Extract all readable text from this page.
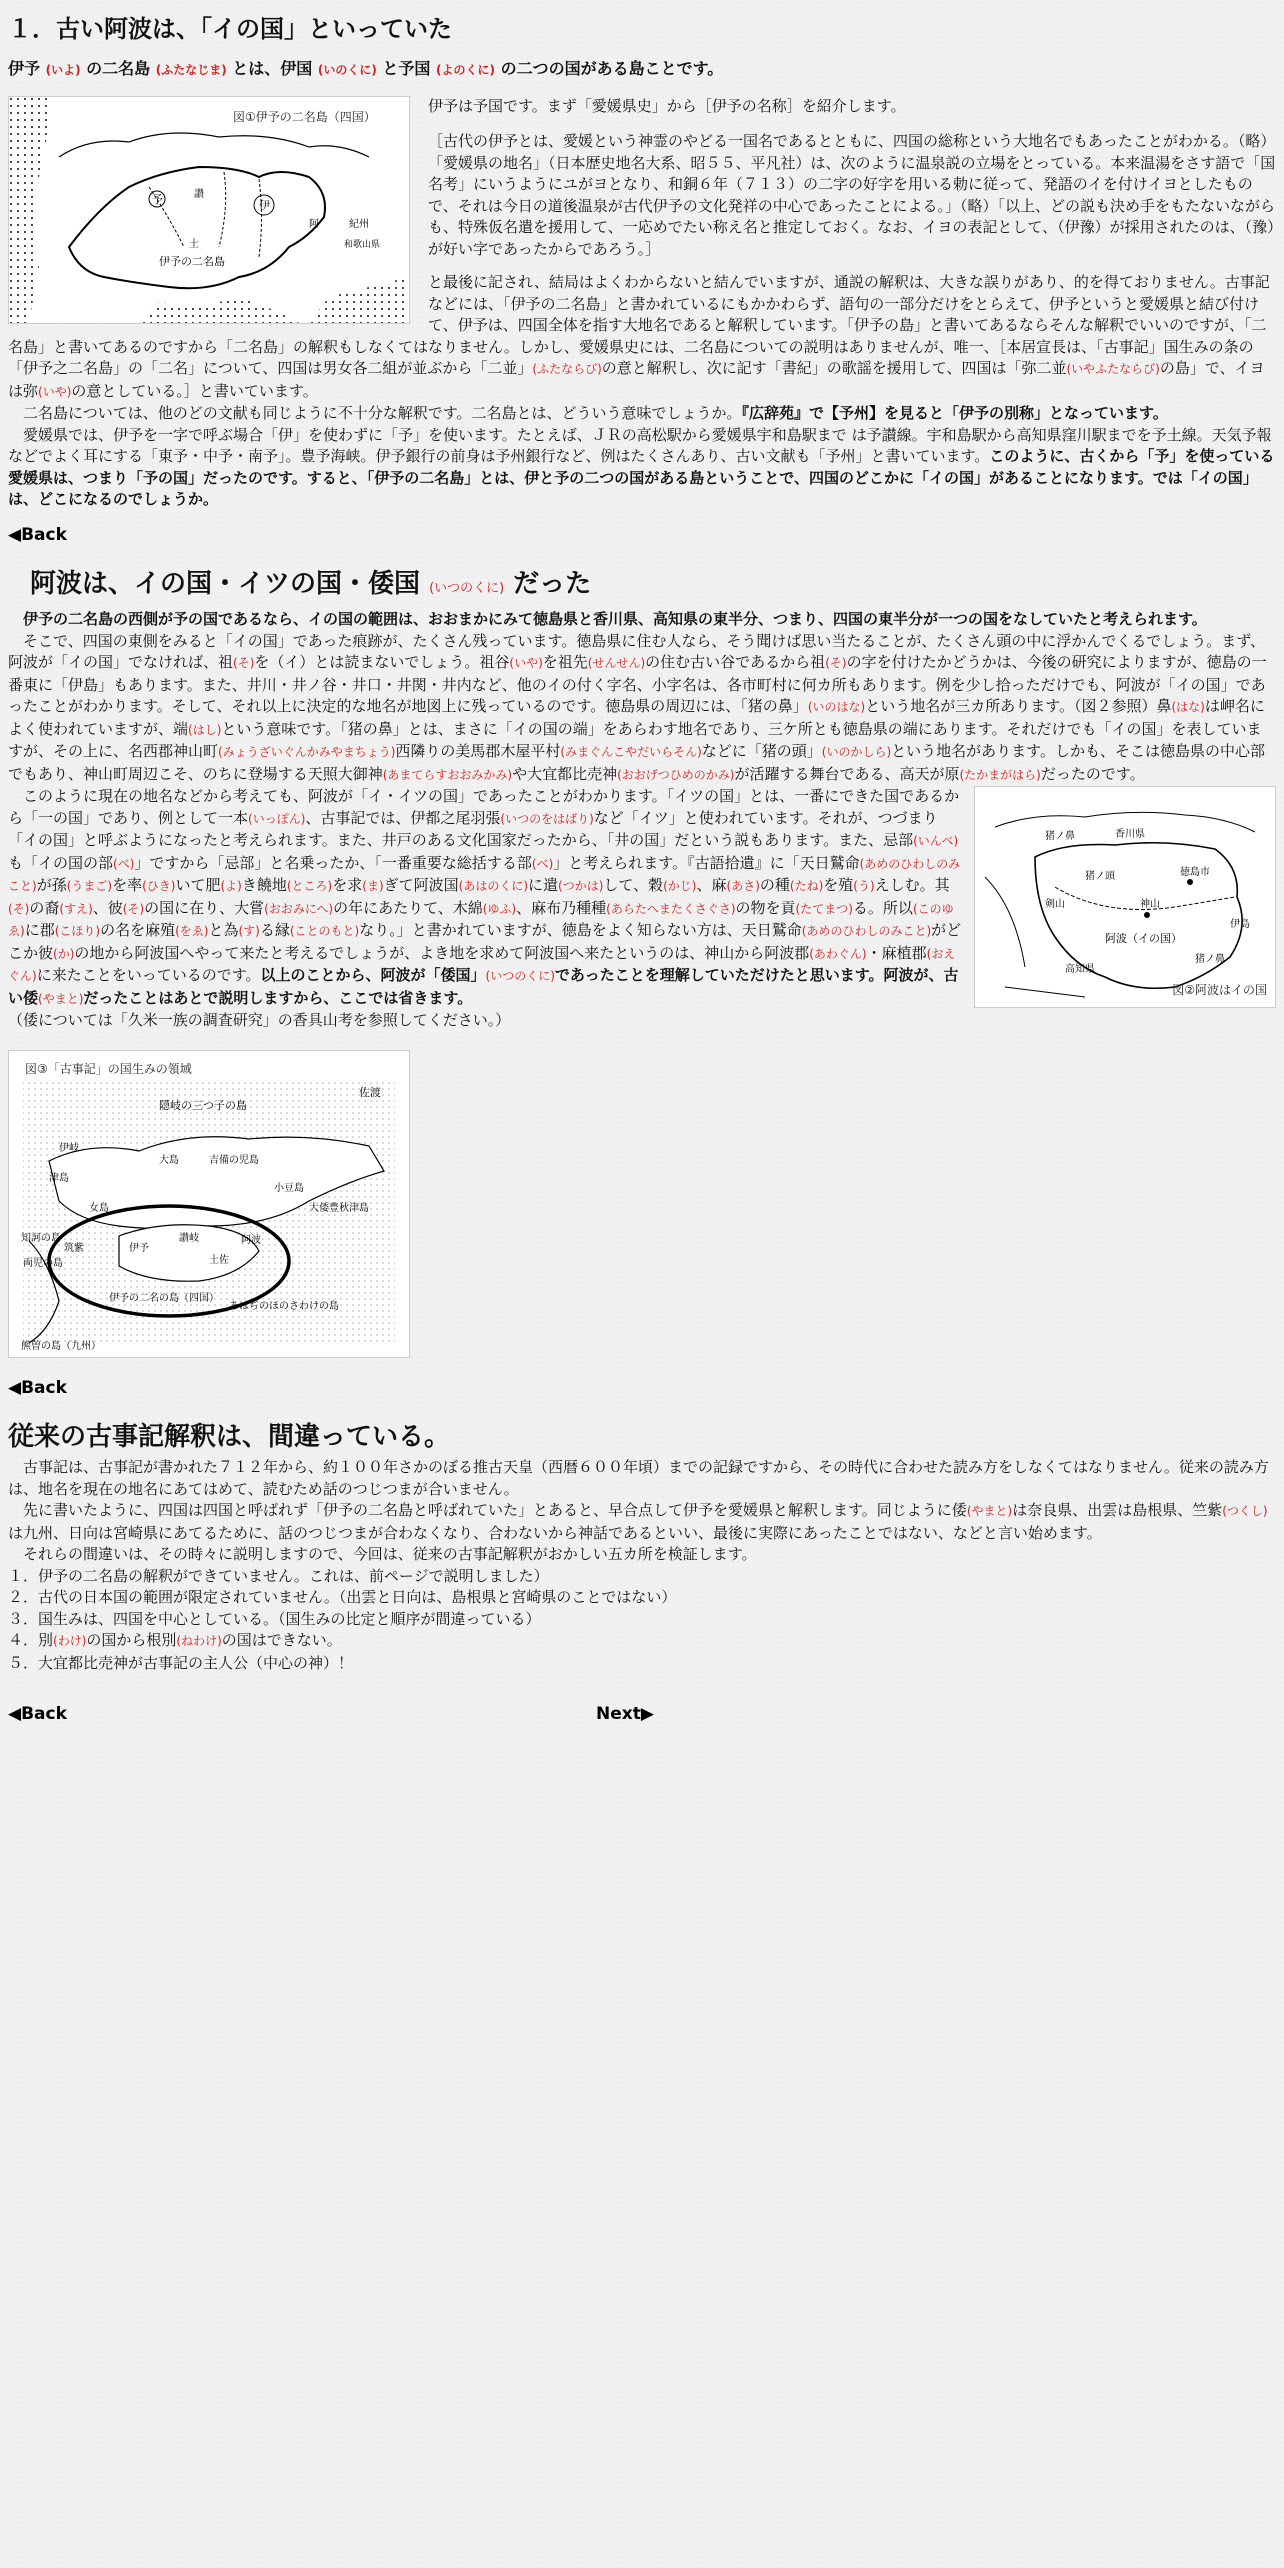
１．古い阿波は、「イの国」といっていた
伊予 (いよ) の二名島 (ふたなじま) とは、伊国 (いのくに) と予国 (よのくに) の二つの国がある島ことです。
伊
予	讃
阿
土
紀州
和歌山県
伊予の二名島
図①伊予の二名島（四国）

伊予は予国です。まず「愛媛県史」から［伊予の名称］を紹介します。

［古代の伊予とは、愛媛という神霊のやどる一国名であるとともに、四国の総称という大地名でもあったことがわかる。（略）「愛媛県の地名」（日本歴史地名大系、昭５５、平凡社）は、次のように温泉説の立場をとっている。本来温湯をさす語で「国名考」にいうようにユがヨとなり、和銅６年（７１３）の二字の好字を用いる勅に従って、発語のイを付けイヨとしたもので、それは今日の道後温泉が古代伊予の文化発祥の中心であったことによる。」（略）「以上、どの説も決め手をもたないながらも、特殊仮名遣を援用して、一応めでたい称え名と推定しておく。なお、イヨの表記として、（伊豫）が採用されたのは、（豫）が好い字であったからであろう。］

と最後に記され、結局はよくわからないと結んでいますが、通説の解釈は、大きな誤りがあり、的を得ておりません。古事記などには、「伊予の二名島」と書かれているにもかかわらず、語句の一部分だけをとらえて、伊予というと愛媛県と結び付けて、伊予は、四国全体を指す大地名であると解釈しています。「伊予の島」と書いてあるならそんな解釈でいいのですが、「二名島」と書いてあるのですから「二名島」の解釈もしなくてはなりません。しかし、愛媛県史には、二名島についての説明はありませんが、唯一、［本居宣長は、「古事記」国生みの条の「伊予之二名島」の「二名」について、四国は男女各二組が並ぶから「二並」(ふたならび)の意と解釈し、次に記す「書紀」の歌謡を援用して、四国は「弥二並(いやふたならび)の島」で、イヨは弥(いや)の意としている。］と書いています。

二名島については、他のどの文献も同じように不十分な解釈です。二名島とは、どういう意味でしょうか。『広辞苑』で【予州】を見ると「伊予の別称」となっています。

愛媛県では、伊予を一字で呼ぶ場合「伊」を使わずに「予」を使います。たとえば、ＪＲの高松駅から愛媛県宇和島駅まで は予讃線。宇和島駅から高知県窪川駅までを予土線。天気予報などでよく耳にする「東予・中予・南予」。豊予海峡。伊予銀行の前身は予州銀行など、例はたくさんあり、古い文献も「予州」と書いています。このように、古くから「予」を使っている愛媛県は、つまり「予の国」だったのです。すると、「伊予の二名島」とは、伊と予の二つの国がある島ということで、四国のどこかに「イの国」があることになります。では「イの国」は、どこになるのでしょうか。

◀Back
阿波は、イの国・イツの国・倭国 (いつのくに) だった

伊予の二名島の西側が予の国であるなら、イの国の範囲は、おおまかにみて徳島県と香川県、高知県の東半分、つまり、四国の東半分が一つの国をなしていたと考えられます。

そこで、四国の東側をみると「イの国」であった痕跡が、たくさん残っています。徳島県に住む人なら、そう聞けば思い当たることが、たくさん頭の中に浮かんでくるでしょう。まず、阿波が「イの国」でなければ、祖(そ)を（イ）とは読まないでしょう。祖谷(いや)を祖先(せんせん)の住む古い谷であるから祖(そ)の字を付けたかどうかは、今後の研究によりますが、徳島の一番東に「伊島」もあります。また、井川・井ノ谷・井口・井関・井内など、他のイの付く字名、小字名は、各市町村に何カ所もあります。例を少し拾っただけでも、阿波が「イの国」であったことがわかります。そして、それ以上に決定的な地名が地図上に残っているのです。徳島県の周辺には、「猪の鼻」(いのはな)という地名が三カ所あります。（図２参照）鼻(はな)は岬名によく使われていますが、端(はし)という意味です。「猪の鼻」とは、まさに「イの国の端」をあらわす地名であり、三ケ所とも徳島県の端にあります。それだけでも「イの国」を表していますが、その上に、名西郡神山町(みょうざいぐんかみやまちょう)西隣りの美馬郡木屋平村(みまぐんこやだいらそん)などに「猪の頭」(いのかしら)という地名があります。しかも、そこは徳島県の中心部でもあり、神山町周辺こそ、のちに登場する天照大御神(あまてらすおおみかみ)や大宜都比売神(おおげつひめのかみ)が活躍する舞台である、高天が原(たかまがはら)だったのです。

猪ノ鼻	香川県
徳島市
阿波（イの国）
高知県
猪ノ頭
猪ノ鼻
神山
伊島
剣山
図②阿波はイの国

このように現在の地名などから考えても、阿波が「イ・イツの国」であったことがわかります。「イツの国」とは、一番にできた国であるから「一の国」であり、例として一本(いっぽん)、古事記では、伊都之尾羽張(いつのをはばり)など「イツ」と使われています。それが、つづまり「イの国」と呼ぶようになったと考えられます。また、井戸のある文化国家だったから、「井の国」だという説もあります。また、忌部(いんべ)も「イの国の部(べ)」ですから「忌部」と名乗ったか、「一番重要な総括する部(べ)」と考えられます。『古語拾遺』に「天日鷲命(あめのひわしのみこと)が孫(うまご)を率(ひき)いて肥(よ)き饒地(ところ)を求(ま)ぎて阿波国(あはのくに)に遣(つかは)して、穀(かじ)、麻(あさ)の種(たね)を殖(う)えしむ。其(そ)の裔(すえ)、彼(そ)の国に在り、大嘗(おおみにへ)の年にあたりて、木綿(ゆふ)、麻布乃種種(あらたへまたくさぐさ)の物を貢(たてまつ)る。所以(このゆゑ)に郡(こほり)の名を麻殖(をゑ)と為(す)る縁(ことのもと)なり。」と書かれていますが、徳島をよく知らない方は、天日鷲命(あめのひわしのみこと)がどこか彼(か)の地から阿波国へやって来たと考えるでしょうが、よき地を求めて阿波国へ来たというのは、神山から阿波郡(あわぐん)・麻植郡(おえぐん)に来たことをいっているのです。以上のことから、阿波が「倭国」(いつのくに)であったことを理解していただけたと思います。阿波が、古い倭(やまと)だったことはあとで説明しますから、ここでは省きます。

（倭については「久米一族の調査研究」の香具山考を参照してください。）

佐渡
隠岐の三つ子の島
伊岐
津島
大島	吉備の児島
小豆島
大倭豊秋津島
女島
知訶の島
両児の島
筑紫
伊予の二名の島（四国）
あはぢのほのさわけの島
熊曽の島（九州）
土佐
阿波
讃岐
伊予
図③「古事記」の国生みの領域
◀Back
従来の古事記解釈は、間違っている。

古事記は、古事記が書かれた７１２年から、約１００年さかのぼる推古天皇（西暦６００年頃）までの記録ですから、その時代に合わせた読み方をしなくてはなりません。従来の読み方は、地名を現在の地名にあてはめて、読むため話のつじつまが合いません。

先に書いたように、四国は四国と呼ばれず「伊予の二名島と呼ばれていた」とあると、早合点して伊予を愛媛県と解釈します。同じように倭(やまと)は奈良県、出雲は島根県、竺紫(つくし)は九州、日向は宮崎県にあてるために、話のつじつまが合わなくなり、合わないから神話であるといい、最後に実際にあったことではない、などと言い始めます。

それらの間違いは、その時々に説明しますので、今回は、従来の古事記解釈がおかしい五カ所を検証します。

１．伊予の二名島の解釈ができていません。これは、前ページで説明しました）

２．古代の日本国の範囲が限定されていません。（出雲と日向は、島根県と宮崎県のことではない）

３．国生みは、四国を中心としている。（国生みの比定と順序が間違っている）

４．別(わけ)の国から根別(ねわけ)の国はできない。

５．大宜都比売神が古事記の主人公（中心の神）！

◀Back	Next▶
